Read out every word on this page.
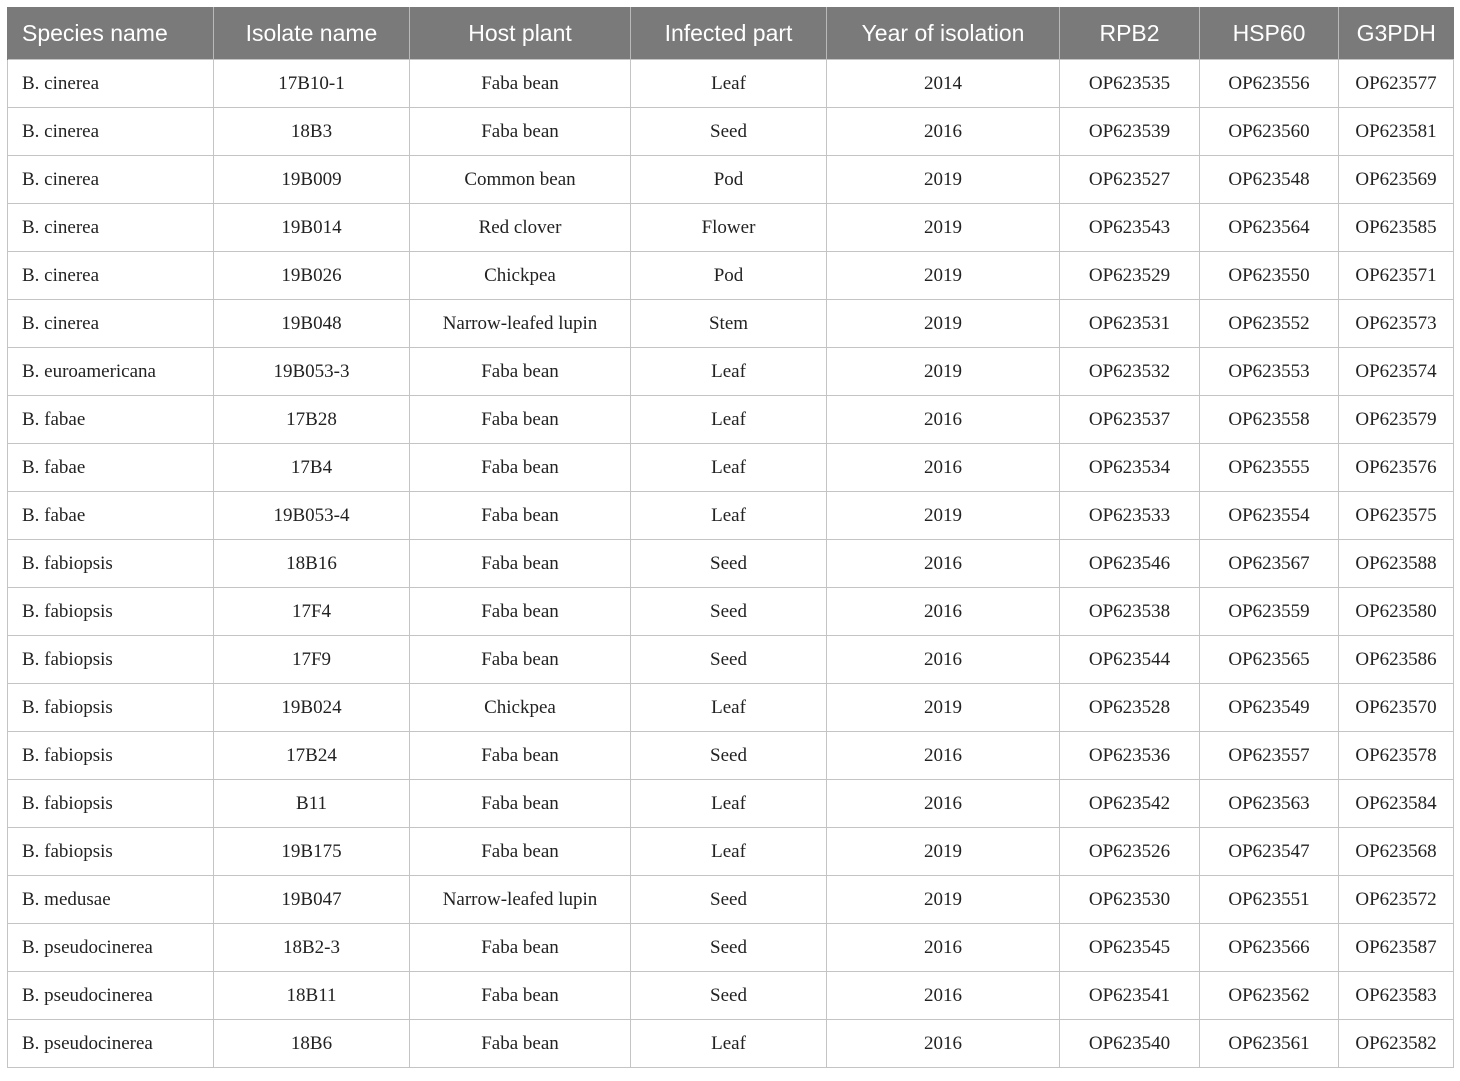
Species name	Isolate name	Host plant	Infected part	Year of isolation	RPB2	HSP60	G3PDH
B. cinerea	17B10-1	Faba bean	Leaf	2014	OP623535	OP623556	OP623577
B. cinerea	18B3	Faba bean	Seed	2016	OP623539	OP623560	OP623581
B. cinerea	19B009	Common bean	Pod	2019	OP623527	OP623548	OP623569
B. cinerea	19B014	Red clover	Flower	2019	OP623543	OP623564	OP623585
B. cinerea	19B026	Chickpea	Pod	2019	OP623529	OP623550	OP623571
B. cinerea	19B048	Narrow-leafed lupin	Stem	2019	OP623531	OP623552	OP623573
B. euroamericana	19B053-3	Faba bean	Leaf	2019	OP623532	OP623553	OP623574
B. fabae	17B28	Faba bean	Leaf	2016	OP623537	OP623558	OP623579
B. fabae	17B4	Faba bean	Leaf	2016	OP623534	OP623555	OP623576
B. fabae	19B053-4	Faba bean	Leaf	2019	OP623533	OP623554	OP623575
B. fabiopsis	18B16	Faba bean	Seed	2016	OP623546	OP623567	OP623588
B. fabiopsis	17F4	Faba bean	Seed	2016	OP623538	OP623559	OP623580
B. fabiopsis	17F9	Faba bean	Seed	2016	OP623544	OP623565	OP623586
B. fabiopsis	19B024	Chickpea	Leaf	2019	OP623528	OP623549	OP623570
B. fabiopsis	17B24	Faba bean	Seed	2016	OP623536	OP623557	OP623578
B. fabiopsis	B11	Faba bean	Leaf	2016	OP623542	OP623563	OP623584
B. fabiopsis	19B175	Faba bean	Leaf	2019	OP623526	OP623547	OP623568
B. medusae	19B047	Narrow-leafed lupin	Seed	2019	OP623530	OP623551	OP623572
B. pseudocinerea	18B2-3	Faba bean	Seed	2016	OP623545	OP623566	OP623587
B. pseudocinerea	18B11	Faba bean	Seed	2016	OP623541	OP623562	OP623583
B. pseudocinerea	18B6	Faba bean	Leaf	2016	OP623540	OP623561	OP623582
